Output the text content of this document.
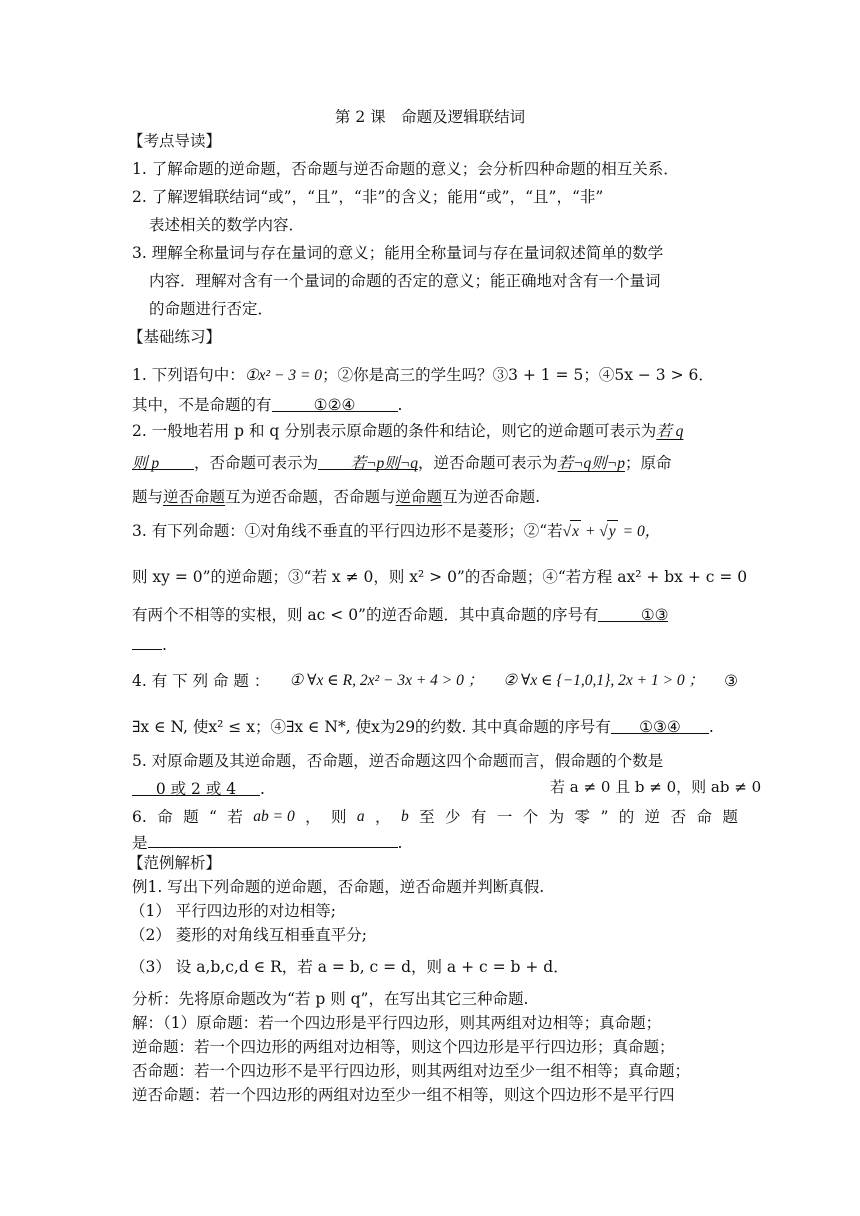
第 2 课　命题及逻辑联结词
【考点导读】
1. 了解命题的逆命题，否命题与逆否命题的意义；会分析四种命题的相互关系．
2. 了解逻辑联结词“或”，“且”，“非”的含义；能用“或”，“且”，“非”
表述相关的数学内容．
3. 理解全称量词与存在量词的意义；能用全称量词与存在量词叙述简单的数学
内容．理解对含有一个量词的命题的否定的意义；能正确地对含有一个量词
的命题进行否定．
【基础练习】
1. 下列语句中：①x² − 3 = 0；②你是高三的学生吗？③3 + 1 = 5；④5x − 3 > 6．
其中，不是命题的有	①②④	.
2. 一般地若用 p 和 q 分别表示原命题的条件和结论，则它的逆命题可表示为若 q
则 p ，否命题可表示为 若¬p则¬q，逆否命题可表示为若¬q则¬p；原命
题与逆否命题互为逆否命题，否命题与逆命题互为逆否命题.
3. 有下列命题：①对角线不垂直的平行四边形不是菱形；②“若√x + √y = 0，
则 xy = 0”的逆命题；③“若 x ≠ 0，则 x² > 0”的否命题；④“若方程 ax² + bx + c = 0
有两个不相等的实根，则 ac < 0”的逆否命题．其中真命题的序号有	①③
.
4. 有 下 列 命 题 ： ① ∀x ∈ R, 2x² − 3x + 4 > 0 ； ② ∀x ∈ {−1,0,1}, 2x + 1 > 0 ； ③
∃x ∈ N, 使x² ≤ x；④∃x ∈ N*, 使x为29的约数. 其中真命题的序号有 ①③④ .
5. 对原命题及其逆命题，否命题，逆否命题这四个命题而言，假命题的个数是
0 或 2 或 4 .	若 a ≠ 0 且 b ≠ 0，则 ab ≠ 0
6. 命 题 “ 若 ab = 0 ， 则 a ， b 至 少 有 一 个 为 零 ” 的 逆 否 命 题
是	.
【范例解析】
例1. 写出下列命题的逆命题，否命题，逆否命题并判断真假.
（1） 平行四边形的对边相等;
（2） 菱形的对角线互相垂直平分;
（3） 设 a,b,c,d ∈ R，若 a = b, c = d，则 a + c = b + d．
分析：先将原命题改为“若 p 则 q”，在写出其它三种命题.
解：（1）原命题：若一个四边形是平行四边形，则其两组对边相等；真命题；
逆命题：若一个四边形的两组对边相等，则这个四边形是平行四边形；真命题；
否命题：若一个四边形不是平行四边形，则其两组对边至少一组不相等；真命题；
逆否命题：若一个四边形的两组对边至少一组不相等，则这个四边形不是平行四
